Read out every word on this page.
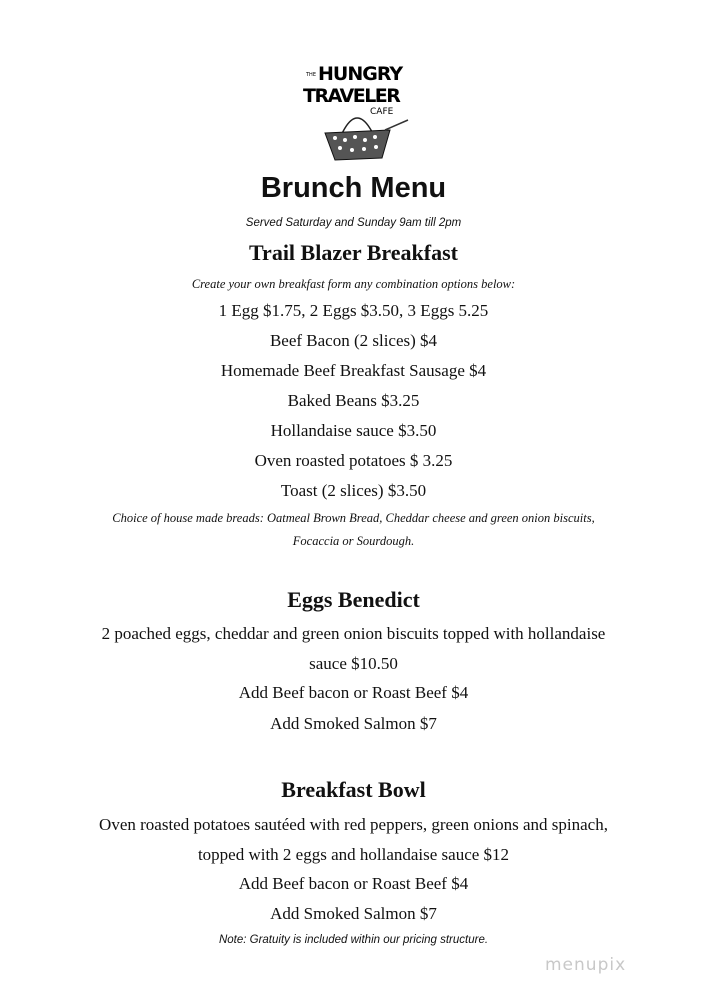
THE HUNGRY
TRAVELER
CAFE
Brunch Menu
Served Saturday and Sunday 9am till 2pm
Trail Blazer Breakfast
Create your own breakfast form any combination options below:
1 Egg $1.75, 2 Eggs $3.50, 3 Eggs 5.25
Beef Bacon (2 slices) $4
Homemade Beef Breakfast Sausage $4
Baked Beans $3.25
Hollandaise sauce $3.50
Oven roasted potatoes $ 3.25
Toast (2 slices) $3.50
Choice of house made breads: Oatmeal Brown Bread, Cheddar cheese and green onion biscuits,
Focaccia or Sourdough.
Eggs Benedict
2 poached eggs, cheddar and green onion biscuits topped with hollandaise
sauce $10.50
Add Beef bacon or Roast Beef $4
Add Smoked Salmon $7
Breakfast Bowl
Oven roasted potatoes sautéed with red peppers, green onions and spinach,
topped with 2 eggs and hollandaise sauce $12
Add Beef bacon or Roast Beef $4
Add Smoked Salmon $7
Note: Gratuity is included within our pricing structure.
menupix
